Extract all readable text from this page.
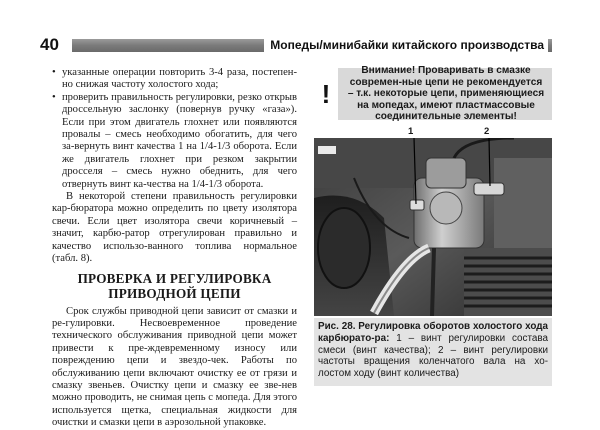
40	Мопеды/минибайки китайского производства
• указанные операции повторить 3-4 раза, постепен-но снижая частоту холостого хода;

• проверить правильность регулировки, резко открыв дроссельную заслонку (повернув ручку «газа»). Если при этом двигатель глохнет или появляются провалы – смесь необходимо обогатить, для чего за-вернуть винт качества 1 на 1/4-1/3 оборота. Если же двигатель глохнет при резком закрытии дросселя – смесь нужно обеднить, для чего отвернуть винт ка-чества на 1/4-1/3 оборота.

В некоторой степени правильность регулировки кар-бюратора можно определить по цвету изолятора свечи. Если цвет изолятора свечи коричневый – значит, карбю-ратор отрегулирован правильно и качество использо-ванного топлива нормальное (табл. 8).

ПРОВЕРКА И РЕГУЛИРОВКА
ПРИВОДНОЙ ЦЕПИ

Срок службы приводной цепи зависит от смазки и ре-гулировки. Несвоевременное проведение технического обслуживания приводной цепи может привести к пре-ждевременному износу или повреждению цепи и звездо-чек. Работы по обслуживанию цепи включают очистку ее от грязи и смазку звеньев. Очистку цепи и смазку ее зве-нев можно проводить, не снимая цепь с мопеда. Для этого используется щетка, специальная жидкости для очистки и смазки цепи в аэрозольной упаковке.

!
Внимание! Проваривать в смазке современ-ные цепи не рекомендуется – т.к. некоторые цепи, применяющиеся на мопедах, имеют пластмассовые соединительные элементы!
1	2
Рис. 28. Регулировка оборотов холостого хода карбюрато-ра: 1 – винт регулировки состава смеси (винт качества); 2 – винт регулировки частоты вращения коленчатого вала на хо-лостом ходу (винт количества)
